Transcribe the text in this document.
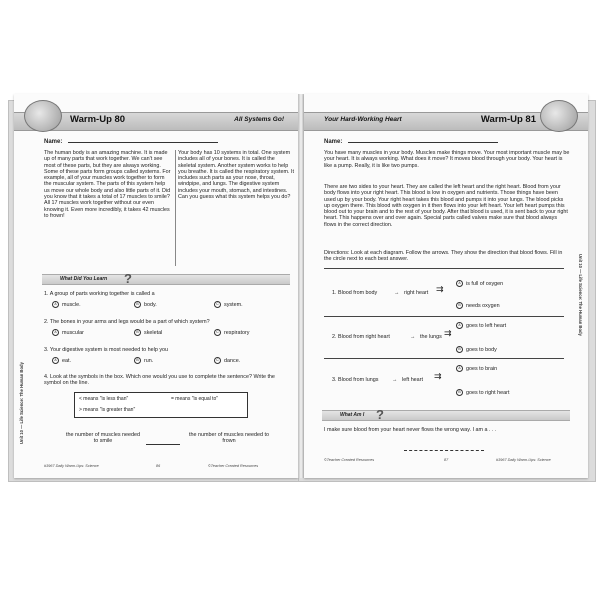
Warm-Up 80	All Systems Go!
Name:
The human body is an amazing machine. It is made up of many parts that work together. We can't see most of these parts, but they are always working. Some of these parts form groups called systems. For example, all of your muscles work together to form the muscular system. The parts of this system help us move our whole body and also little parts of it. Did you know that it takes a total of 17 muscles to smile? All 17 muscles work together without our even knowing it. Even more incredibly, it takes 42 muscles to frown!
Your body has 10 systems in total. One system includes all of your bones. It is called the skeletal system. Another system works to help you breathe. It is called the respiratory system. It includes such parts as your nose, throat, windpipe, and lungs. The digestive system includes your mouth, stomach, and intestines. Can you guess what this system helps you do?
What Did You Learn ?
1. A group of parts working together is called a
A muscle.	B body.	C system.
2. The bones in your arms and legs would be a part of which system?
A muscular	B skeletal	C respiratory
3. Your digestive system is most needed to help you
A eat.	B run.	C dance.
4. Look at the symbols in the box. Which one would you use to complete the sentence? Write the symbol on the line.
< means "is less than"	= means "is equal to"
> means "is greater than"
the number of muscles needed to smile
the number of muscles needed to frown
#3967 Daily Warm-Ups: Science	86	©Teacher Created Resources
Unit 10 — Life Science: The Human Body
Your Hard-Working Heart	Warm-Up 81
Name:
You have many muscles in your body. Muscles make things move. Your most important muscle may be your heart. It is always working. What does it move? It moves blood through your body. Your heart is like a pump. Really, it is like two pumps.
There are two sides to your heart. They are called the left heart and the right heart. Blood from your body flows into your right heart. This blood is low in oxygen and nutrients. Those things have been used up by your body. Your right heart takes this blood and pumps it into your lungs. The blood picks up oxygen there. This blood with oxygen in it then flows into your left heart. Your left heart pumps this blood out to your brain and to the rest of your body. After that blood is used, it is sent back to your right heart. This happens over and over again. Special parts called valves make sure that blood always flows in the correct direction.
Directions: Look at each diagram. Follow the arrows. They show the direction that blood flows. Fill in the circle next to each best answer.
1. Blood from body	→ right heart ⇉
A is full of oxygen
B needs oxygen
2. Blood from right heart	→ the lungs ⇉
A goes to left heart
B goes to body
3. Blood from lungs	→ left heart ⇉
A goes to brain
B goes to right heart
What Am I ?
I make sure blood from your heart never flows the wrong way. I am a . . .
©Teacher Created Resources	87	#3967 Daily Warm-Ups: Science
Unit 10 — Life Science: The Human Body
